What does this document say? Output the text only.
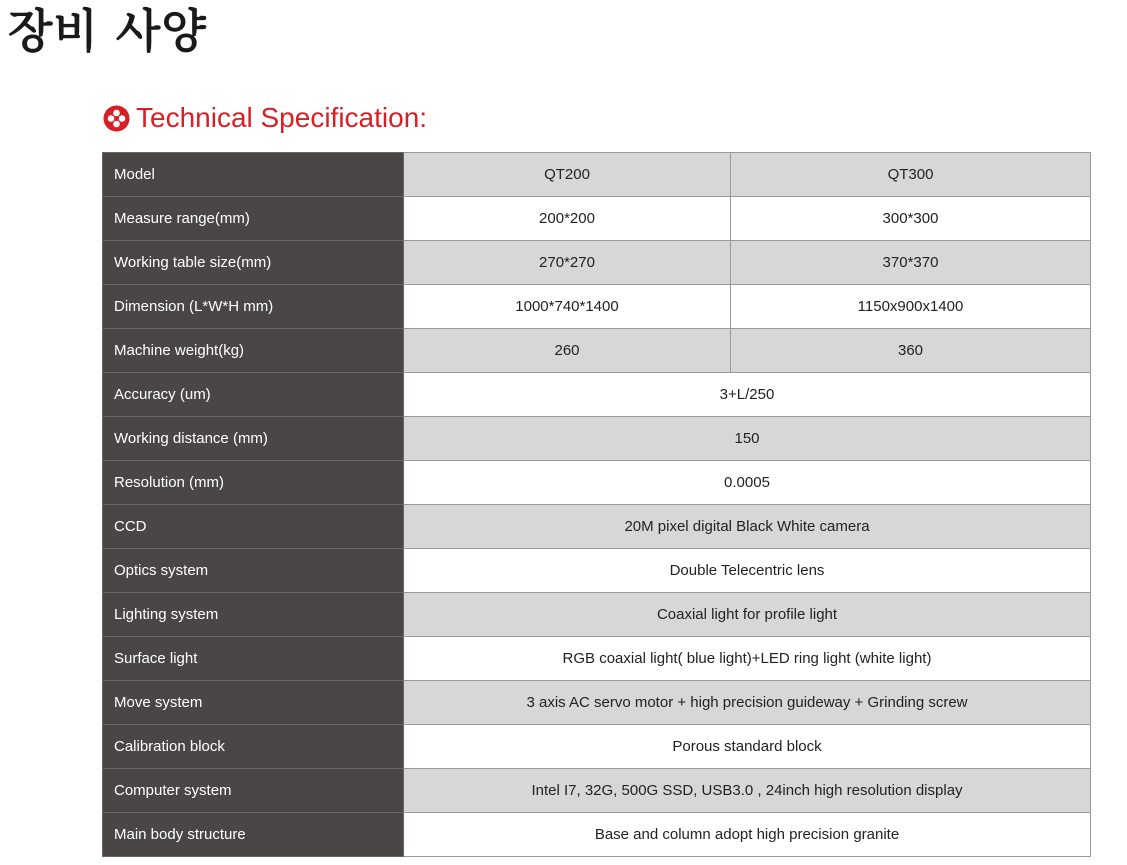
장비 사양
Technical Specification:
Model	QT200	QT300
Measure range(mm)	200*200	300*300
Working table size(mm)	270*270	370*370
Dimension (L*W*H mm)	1000*740*1400	1150x900x1400
Machine weight(kg)	260	360
Accuracy (um)	3+L/250	
Working distance (mm)	150	
Resolution (mm)	0.0005	
CCD	20M pixel digital Black White camera	
Optics system	Double Telecentric lens	
Lighting system	Coaxial light for profile light	
Surface light	RGB coaxial light( blue light)+LED ring light (white light)	
Move system	3 axis AC servo motor + high precision guideway + Grinding screw	
Calibration block	Porous standard block	
Computer system	Intel I7, 32G, 500G SSD, USB3.0 , 24inch high resolution display	
Main body structure	Base and column adopt high precision granite	
